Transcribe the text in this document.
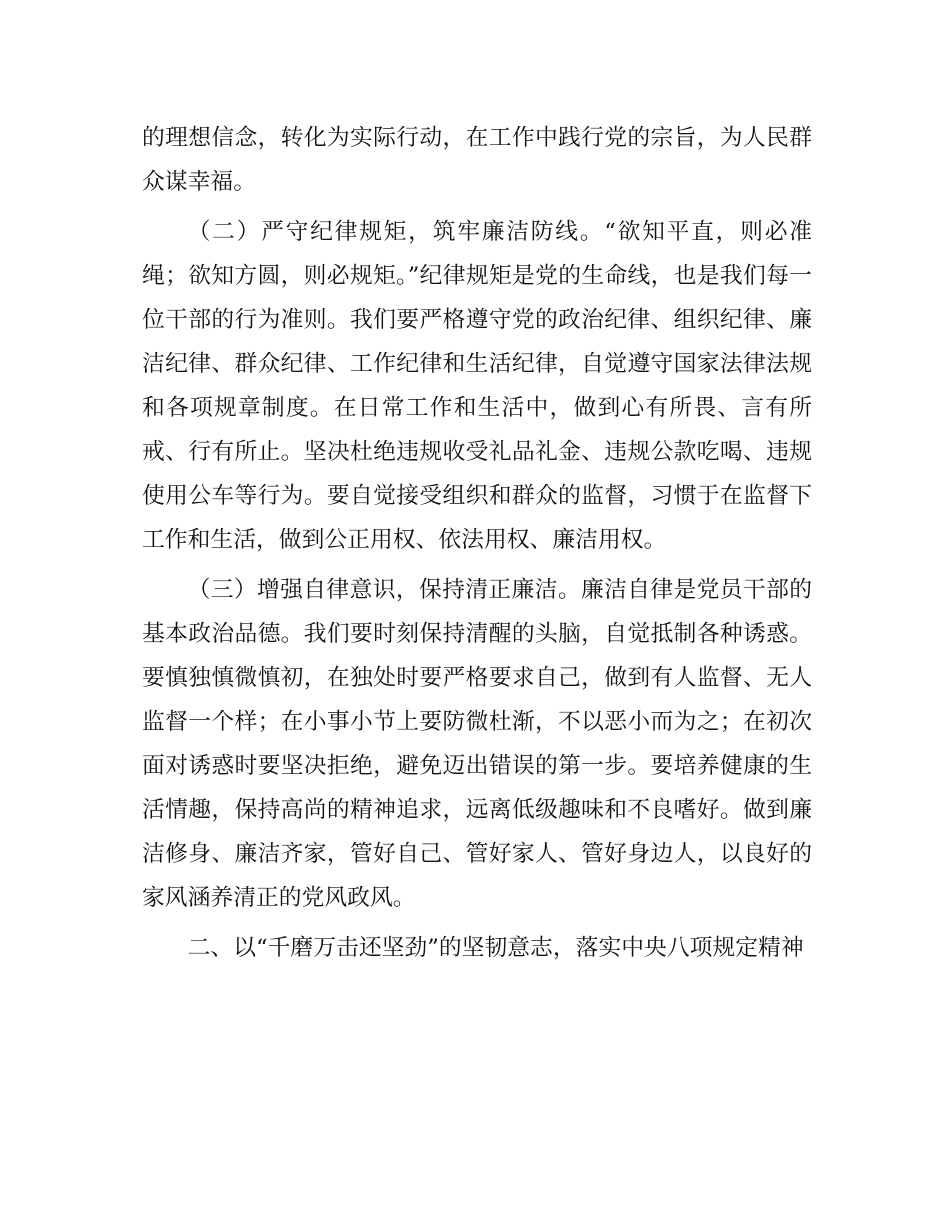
的理想信念，转化为实际行动，在工作中践行党的宗旨，为人民群众谋幸福。

（二）严守纪律规矩，筑牢廉洁防线。“欲知平直，则必准绳；欲知方圆，则必规矩。”纪律规矩是党的生命线，也是我们每一位干部的行为准则。我们要严格遵守党的政治纪律、组织纪律、廉洁纪律、群众纪律、工作纪律和生活纪律，自觉遵守国家法律法规和各项规章制度。在日常工作和生活中，做到心有所畏、言有所戒、行有所止。坚决杜绝违规收受礼品礼金、违规公款吃喝、违规使用公车等行为。要自觉接受组织和群众的监督，习惯于在监督下工作和生活，做到公正用权、依法用权、廉洁用权。

（三）增强自律意识，保持清正廉洁。廉洁自律是党员干部的基本政治品德。我们要时刻保持清醒的头脑，自觉抵制各种诱惑。要慎独慎微慎初，在独处时要严格要求自己，做到有人监督、无人监督一个样；在小事小节上要防微杜渐，不以恶小而为之；在初次面对诱惑时要坚决拒绝，避免迈出错误的第一步。要培养健康的生活情趣，保持高尚的精神追求，远离低级趣味和不良嗜好。做到廉洁修身、廉洁齐家，管好自己、管好家人、管好身边人，以良好的家风涵养清正的党风政风。

二、以“千磨万击还坚劲”的坚韧意志，落实中央八项规定精神
